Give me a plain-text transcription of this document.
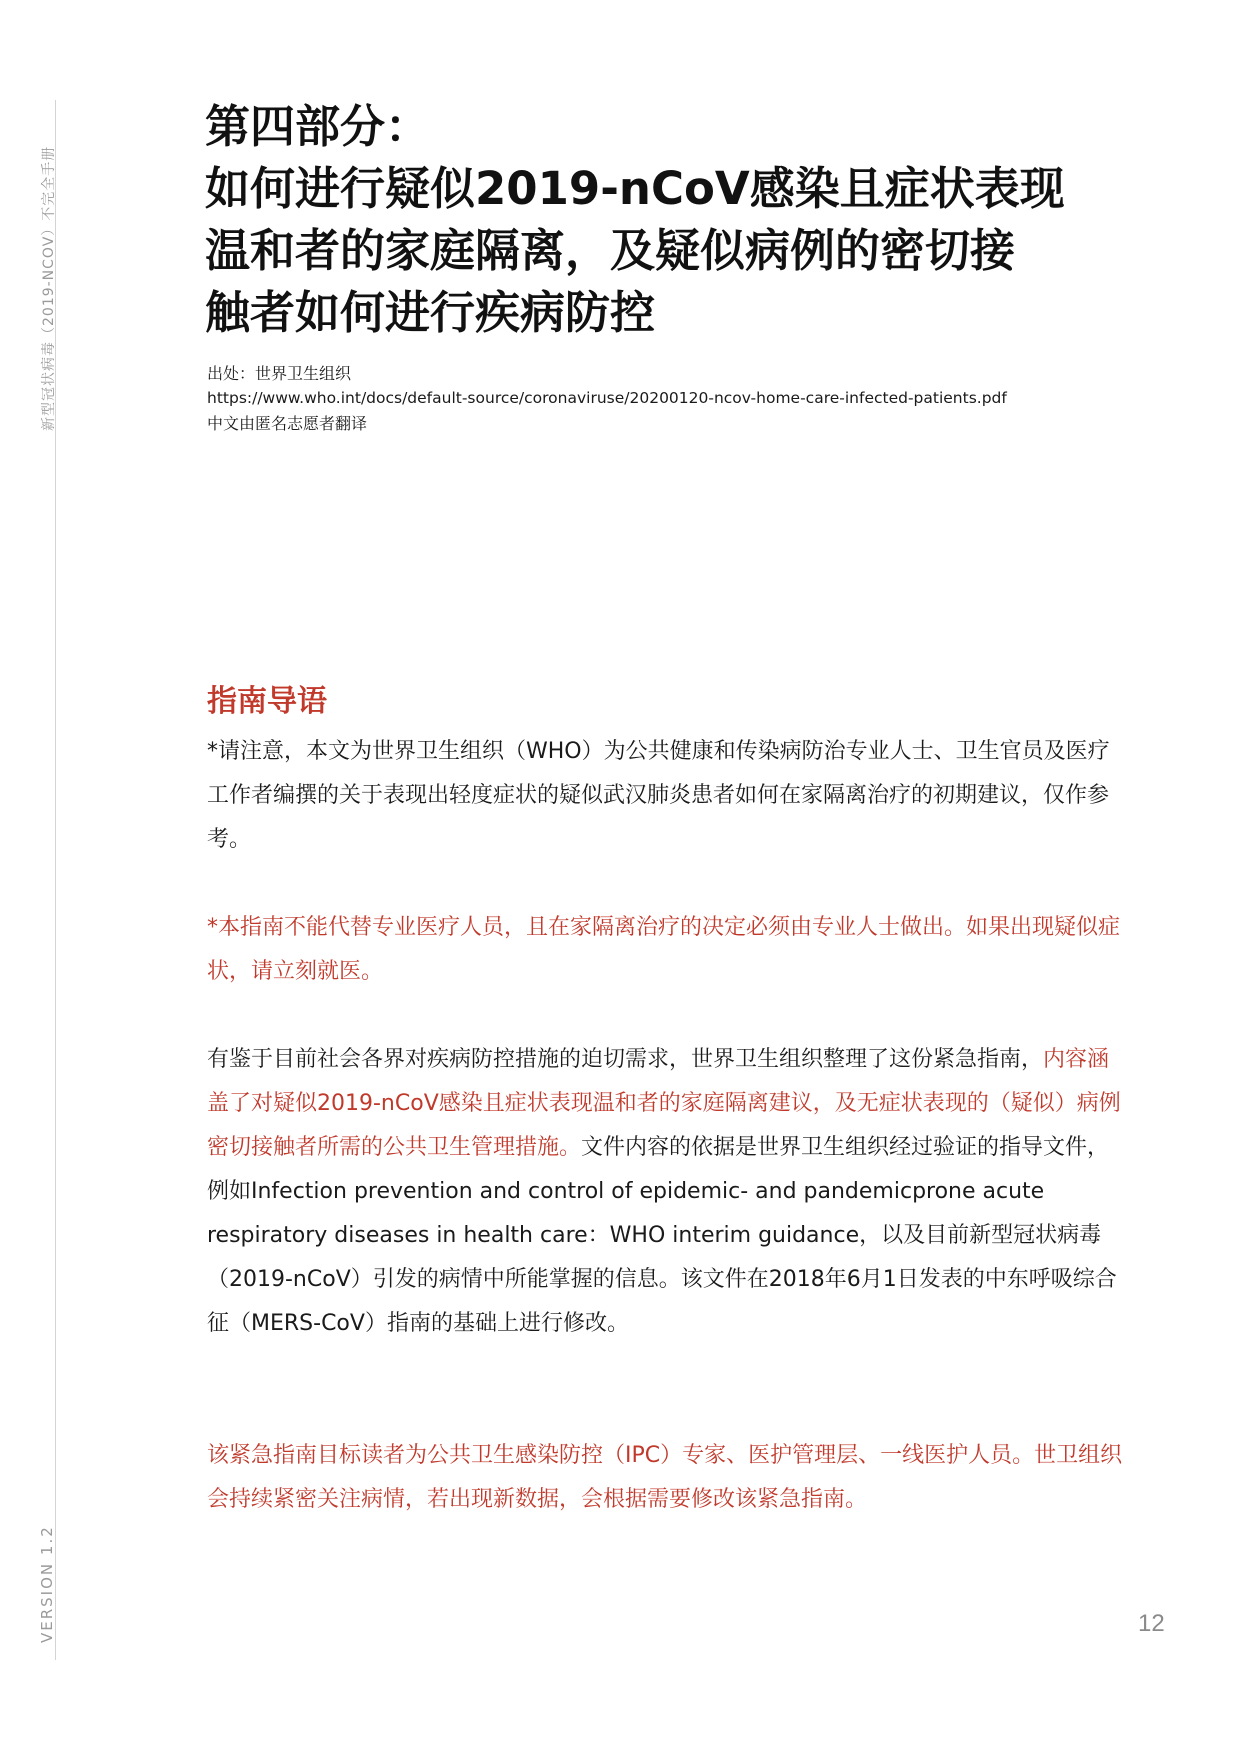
新型冠状病毒（2019-NCOV）不完全手册
VERSION 1.2
第四部分：
如何进行疑似2019-nCoV感染且症状表现
温和者的家庭隔离，及疑似病例的密切接
触者如何进行疾病防控
出处：世界卫生组织
https://www.who.int/docs/default-source/coronaviruse/20200120-ncov-home-care-infected-patients.pdf
中文由匿名志愿者翻译
指南导语

*请注意，本文为世界卫生组织（WHO）为公共健康和传染病防治专业人士、卫生官员及医疗工作者编撰的关于表现出轻度症状的疑似武汉肺炎患者如何在家隔离治疗的初期建议，仅作参考。

*本指南不能代替专业医疗人员，且在家隔离治疗的决定必须由专业人士做出。如果出现疑似症状，请立刻就医。

有鉴于目前社会各界对疾病防控措施的迫切需求，世界卫生组织整理了这份紧急指南，内容涵盖了对疑似2019-nCoV感染且症状表现温和者的家庭隔离建议，及无症状表现的（疑似）病例密切接触者所需的公共卫生管理措施。文件内容的依据是世界卫生组织经过验证的指导文件，例如Infection prevention and control of epidemic- and pandemicprone acute respiratory diseases in health care：WHO interim guidance，以及目前新型冠状病毒（2019-nCoV）引发的病情中所能掌握的信息。该文件在2018年6月1日发表的中东呼吸综合征（MERS-CoV）指南的基础上进行修改。

该紧急指南目标读者为公共卫生感染防控（IPC）专家、医护管理层、一线医护人员。世卫组织会持续紧密关注病情，若出现新数据，会根据需要修改该紧急指南。

12
